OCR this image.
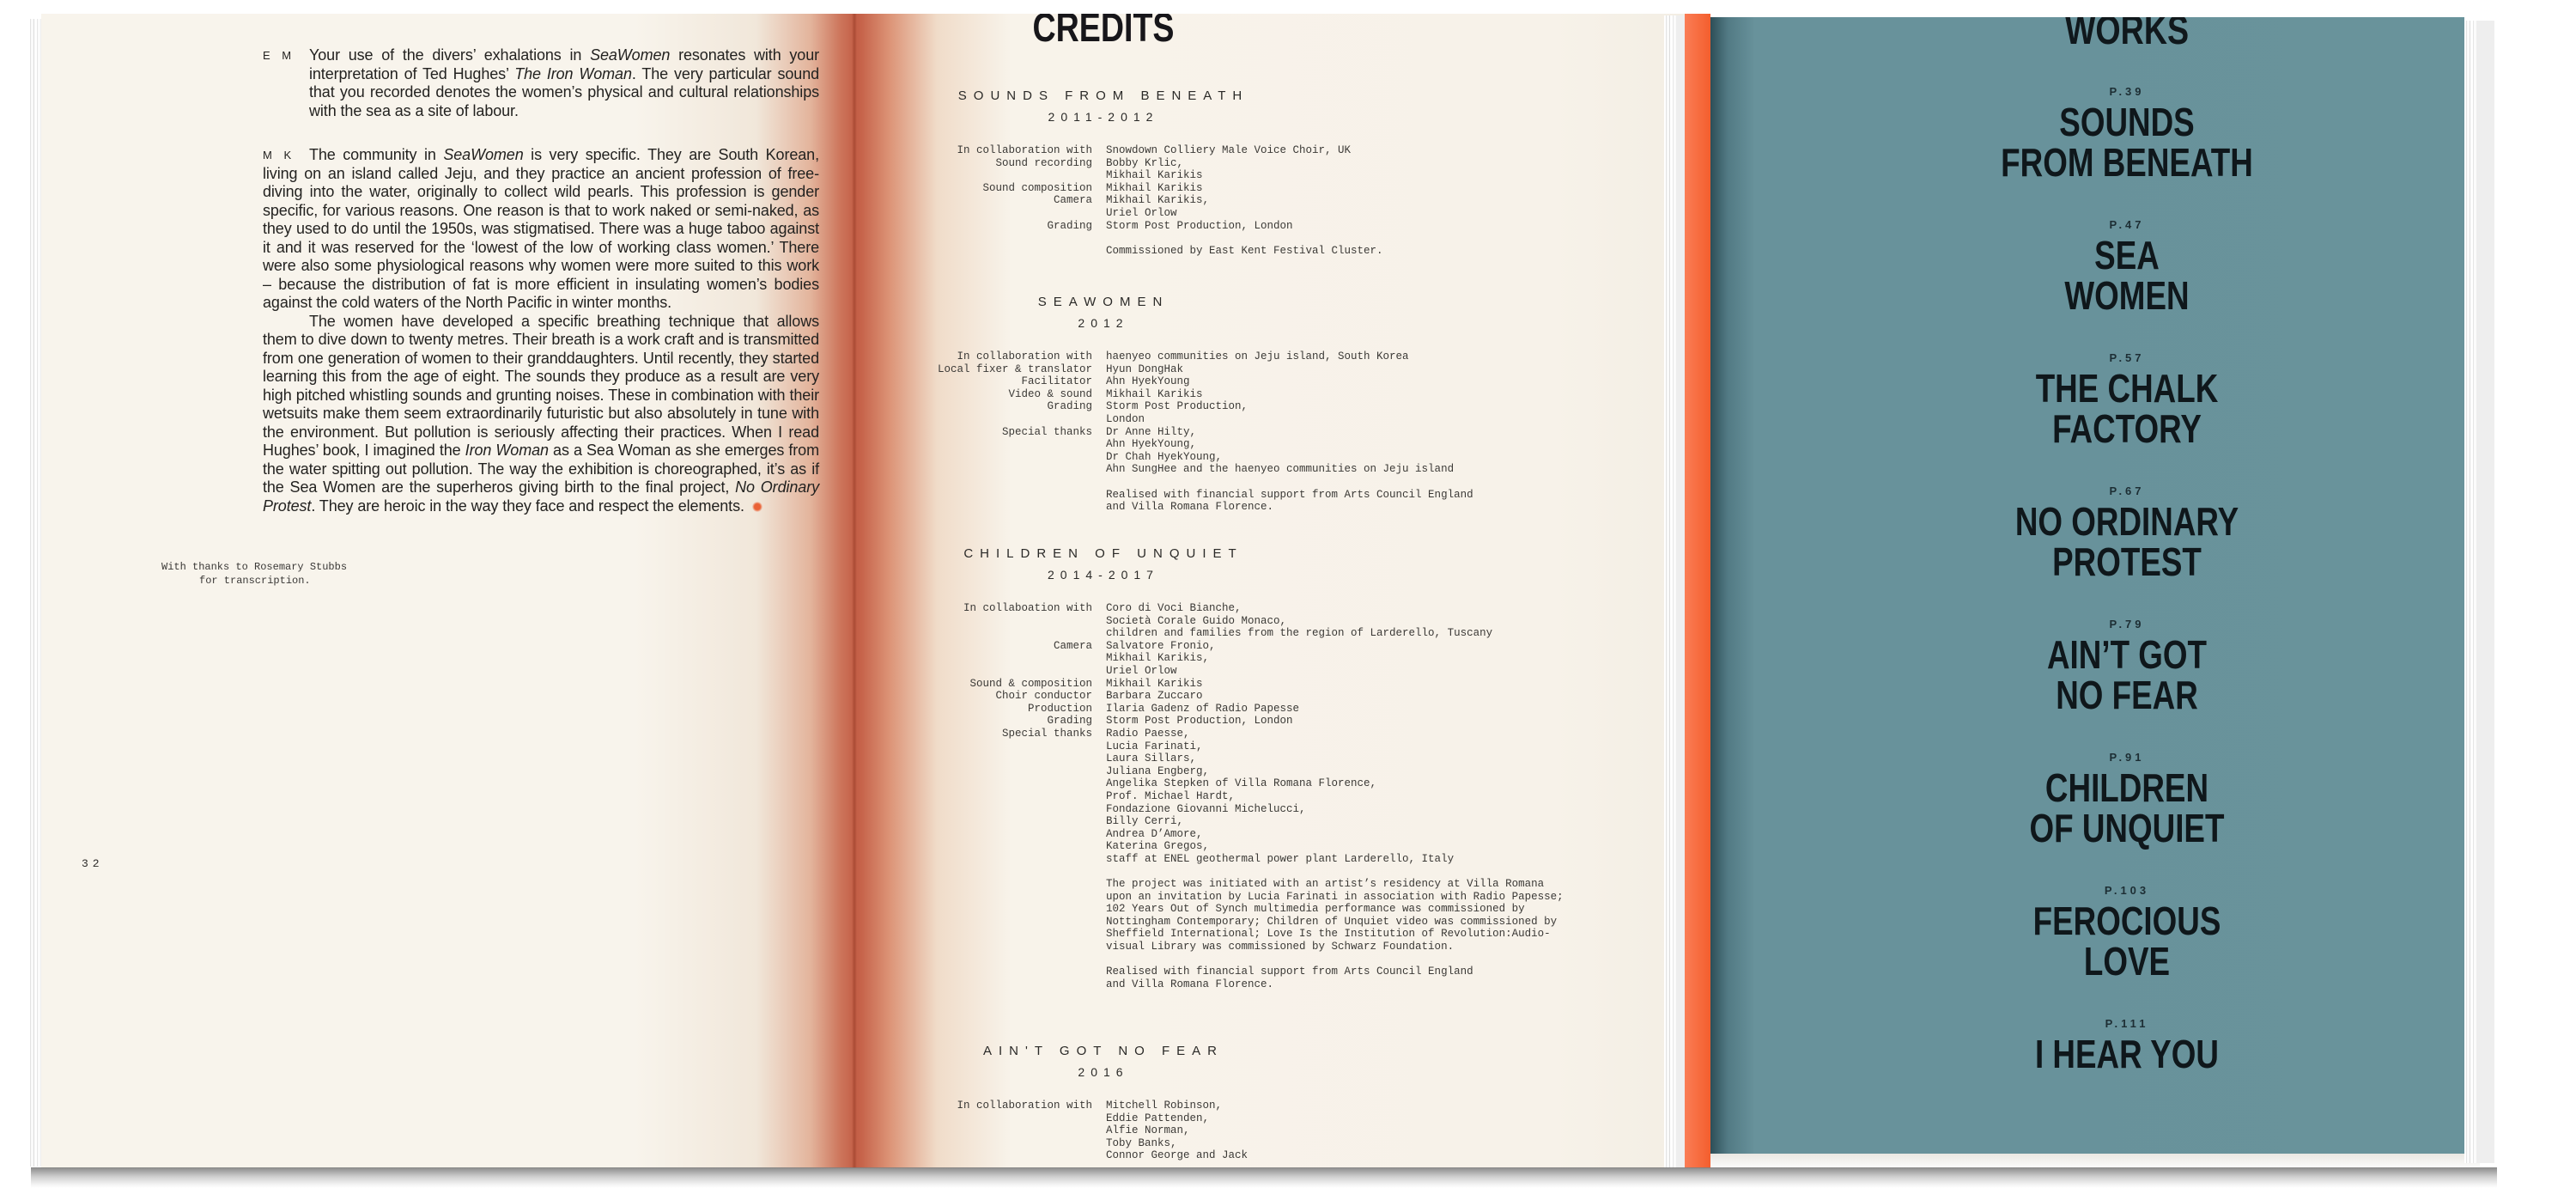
E M Your use of the divers’ exhalations in SeaWomen resonates with your interpretation of Ted Hughes’ The Iron Woman. The very particular sound that you recorded denotes the women’s physical and cultural relationships with the sea as a site of labour.
M K The community in SeaWomen is very specific. They are South Korean, living on an island called Jeju, and they practice an ancient profession of free-diving into the water, originally to collect wild pearls. This profession is gender specific, for various reasons. One reason is that to work naked or semi-naked, as they used to do until the 1950s, was stigmatised. There was a huge taboo against it and it was reserved for the ‘lowest of the low of working class women.’ There were also some physiological reasons why women were more suited to this work – because the distribution of fat is more efficient in insulating women’s bodies against the cold waters of the North Pacific in winter months.
The women have developed a specific breathing technique that allows them to dive down to twenty metres. Their breath is a work craft and is transmitted from one generation of women to their granddaughters. Until recently, they started learning this from the age of eight. The sounds they produce as a result are very high pitched whistling sounds and grunting noises. These in combination with their wetsuits make them seem extraordinarily futuristic but also absolutely in tune with the environment. But pollution is seriously affecting their practices. When I read Hughes’ book, I imagined the Iron Woman as a Sea Woman as she emerges from the water spitting out pollution. The way the exhibition is choreographed, it’s as if the Sea Women are the superheros giving birth to the final project, No Ordinary Protest. They are heroic in the way they face and respect the elements.
With thanks to Rosemary Stubbs
for transcription.
32
CREDITS
SOUNDS FROM BENEATH
2011-2012
In collaboration with Snowdown Colliery Male Voice Choir, UK
Sound recording Bobby Krlic,
Mikhail Karikis
Sound composition Mikhail Karikis
Camera Mikhail Karikis,
Uriel Orlow
Grading Storm Post Production, London
Commissioned by East Kent Festival Cluster.
SEAWOMEN
2012
In collaboration with haenyeo communities on Jeju island, South Korea
Local fixer & translator Hyun DongHak
Facilitator Ahn HyekYoung
Video & sound Mikhail Karikis
Grading Storm Post Production,
London
Special thanks Dr Anne Hilty,
Ahn HyekYoung,
Dr Chah HyekYoung,
Ahn SungHee and the haenyeo communities on Jeju island
Realised with financial support from Arts Council England
and Villa Romana Florence.
CHILDREN OF UNQUIET
2014-2017
In collaboation with Coro di Voci Bianche,
Società Corale Guido Monaco,
children and families from the region of Larderello, Tuscany
Camera Salvatore Fronio,
Mikhail Karikis,
Uriel Orlow
Sound & composition Mikhail Karikis
Choir conductor Barbara Zuccaro
Production Ilaria Gadenz of Radio Papesse
Grading Storm Post Production, London
Special thanks Radio Paesse,
Lucia Farinati,
Laura Sillars,
Juliana Engberg,
Angelika Stepken of Villa Romana Florence,
Prof. Michael Hardt,
Fondazione Giovanni Michelucci,
Billy Cerri,
Andrea D’Amore,
Katerina Gregos,
staff at ENEL geothermal power plant Larderello, Italy
The project was initiated with an artist’s residency at Villa Romana
upon an invitation by Lucia Farinati in association with Radio Papesse;
102 Years Out of Synch multimedia performance was commissioned by
Nottingham Contemporary; Children of Unquiet video was commissioned by
Sheffield International; Love Is the Institution of Revolution:Audio-
visual Library was commissioned by Schwarz Foundation.
Realised with financial support from Arts Council England
and Villa Romana Florence.
AIN'T GOT NO FEAR
2016
In collaboration with Mitchell Robinson,
Eddie Pattenden,
Alfie Norman,
Toby Banks,
Connor George and Jack
WORKS
P.39
SOUNDS
FROM BENEATH
P.47
SEA
WOMEN
P.57
THE CHALK
FACTORY
P.67
NO ORDINARY
PROTEST
P.79
AIN’T GOT
NO FEAR
P.91
CHILDREN
OF UNQUIET
P.103
FEROCIOUS
LOVE
P.111
I HEAR YOU
